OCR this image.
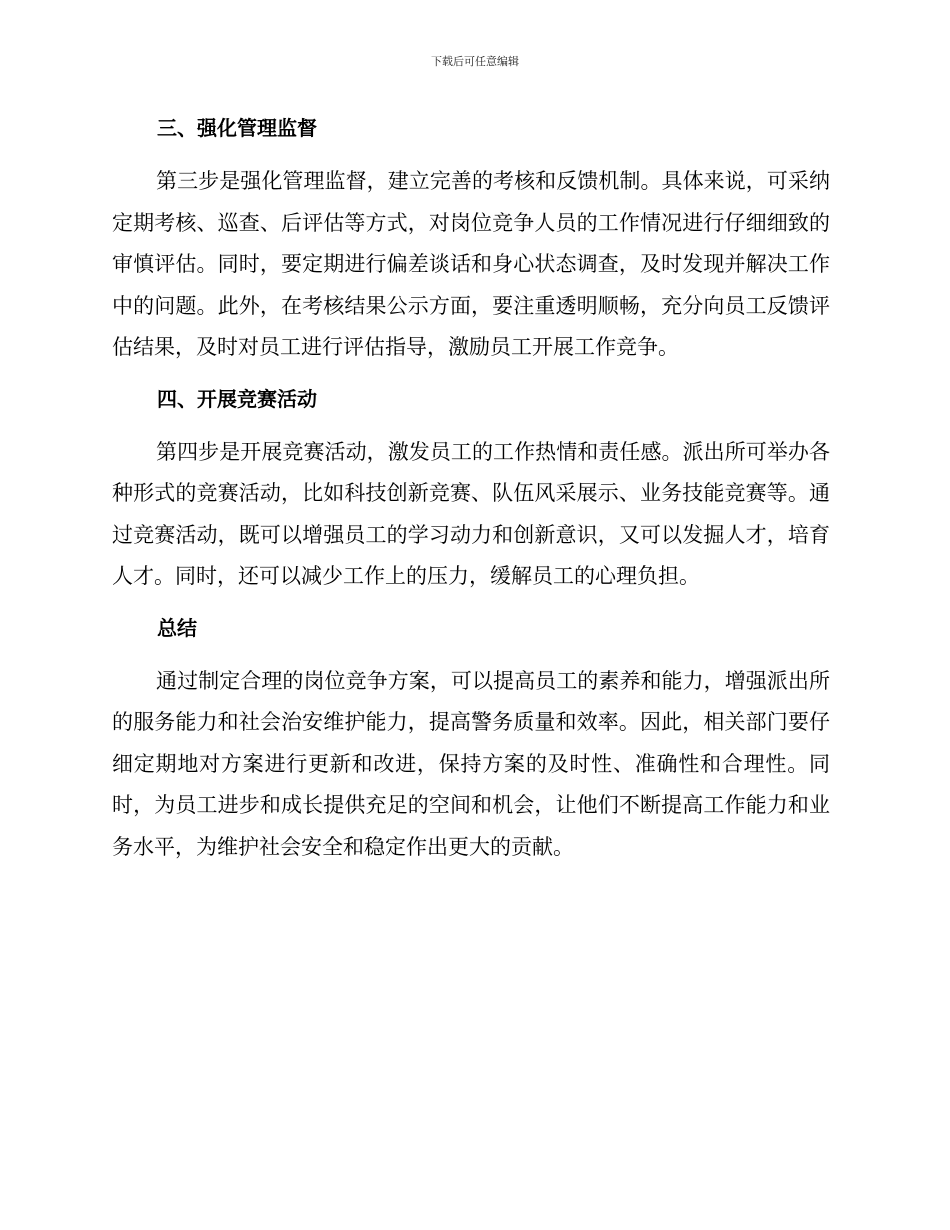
下载后可任意编辑
三、强化管理监督

第三步是强化管理监督，建立完善的考核和反馈机制。具体来说，可采纳定期考核、巡查、后评估等方式，对岗位竞争人员的工作情况进行仔细细致的审慎评估。同时，要定期进行偏差谈话和身心状态调查，及时发现并解决工作中的问题。此外，在考核结果公示方面，要注重透明顺畅，充分向员工反馈评估结果，及时对员工进行评估指导，激励员工开展工作竞争。

四、开展竞赛活动

第四步是开展竞赛活动，激发员工的工作热情和责任感。派出所可举办各种形式的竞赛活动，比如科技创新竞赛、队伍风采展示、业务技能竞赛等。通过竞赛活动，既可以增强员工的学习动力和创新意识，又可以发掘人才，培育人才。同时，还可以减少工作上的压力，缓解员工的心理负担。

总结

通过制定合理的岗位竞争方案，可以提高员工的素养和能力，增强派出所的服务能力和社会治安维护能力，提高警务质量和效率。因此，相关部门要仔细定期地对方案进行更新和改进，保持方案的及时性、准确性和合理性。同时，为员工进步和成长提供充足的空间和机会，让他们不断提高工作能力和业务水平，为维护社会安全和稳定作出更大的贡献。
